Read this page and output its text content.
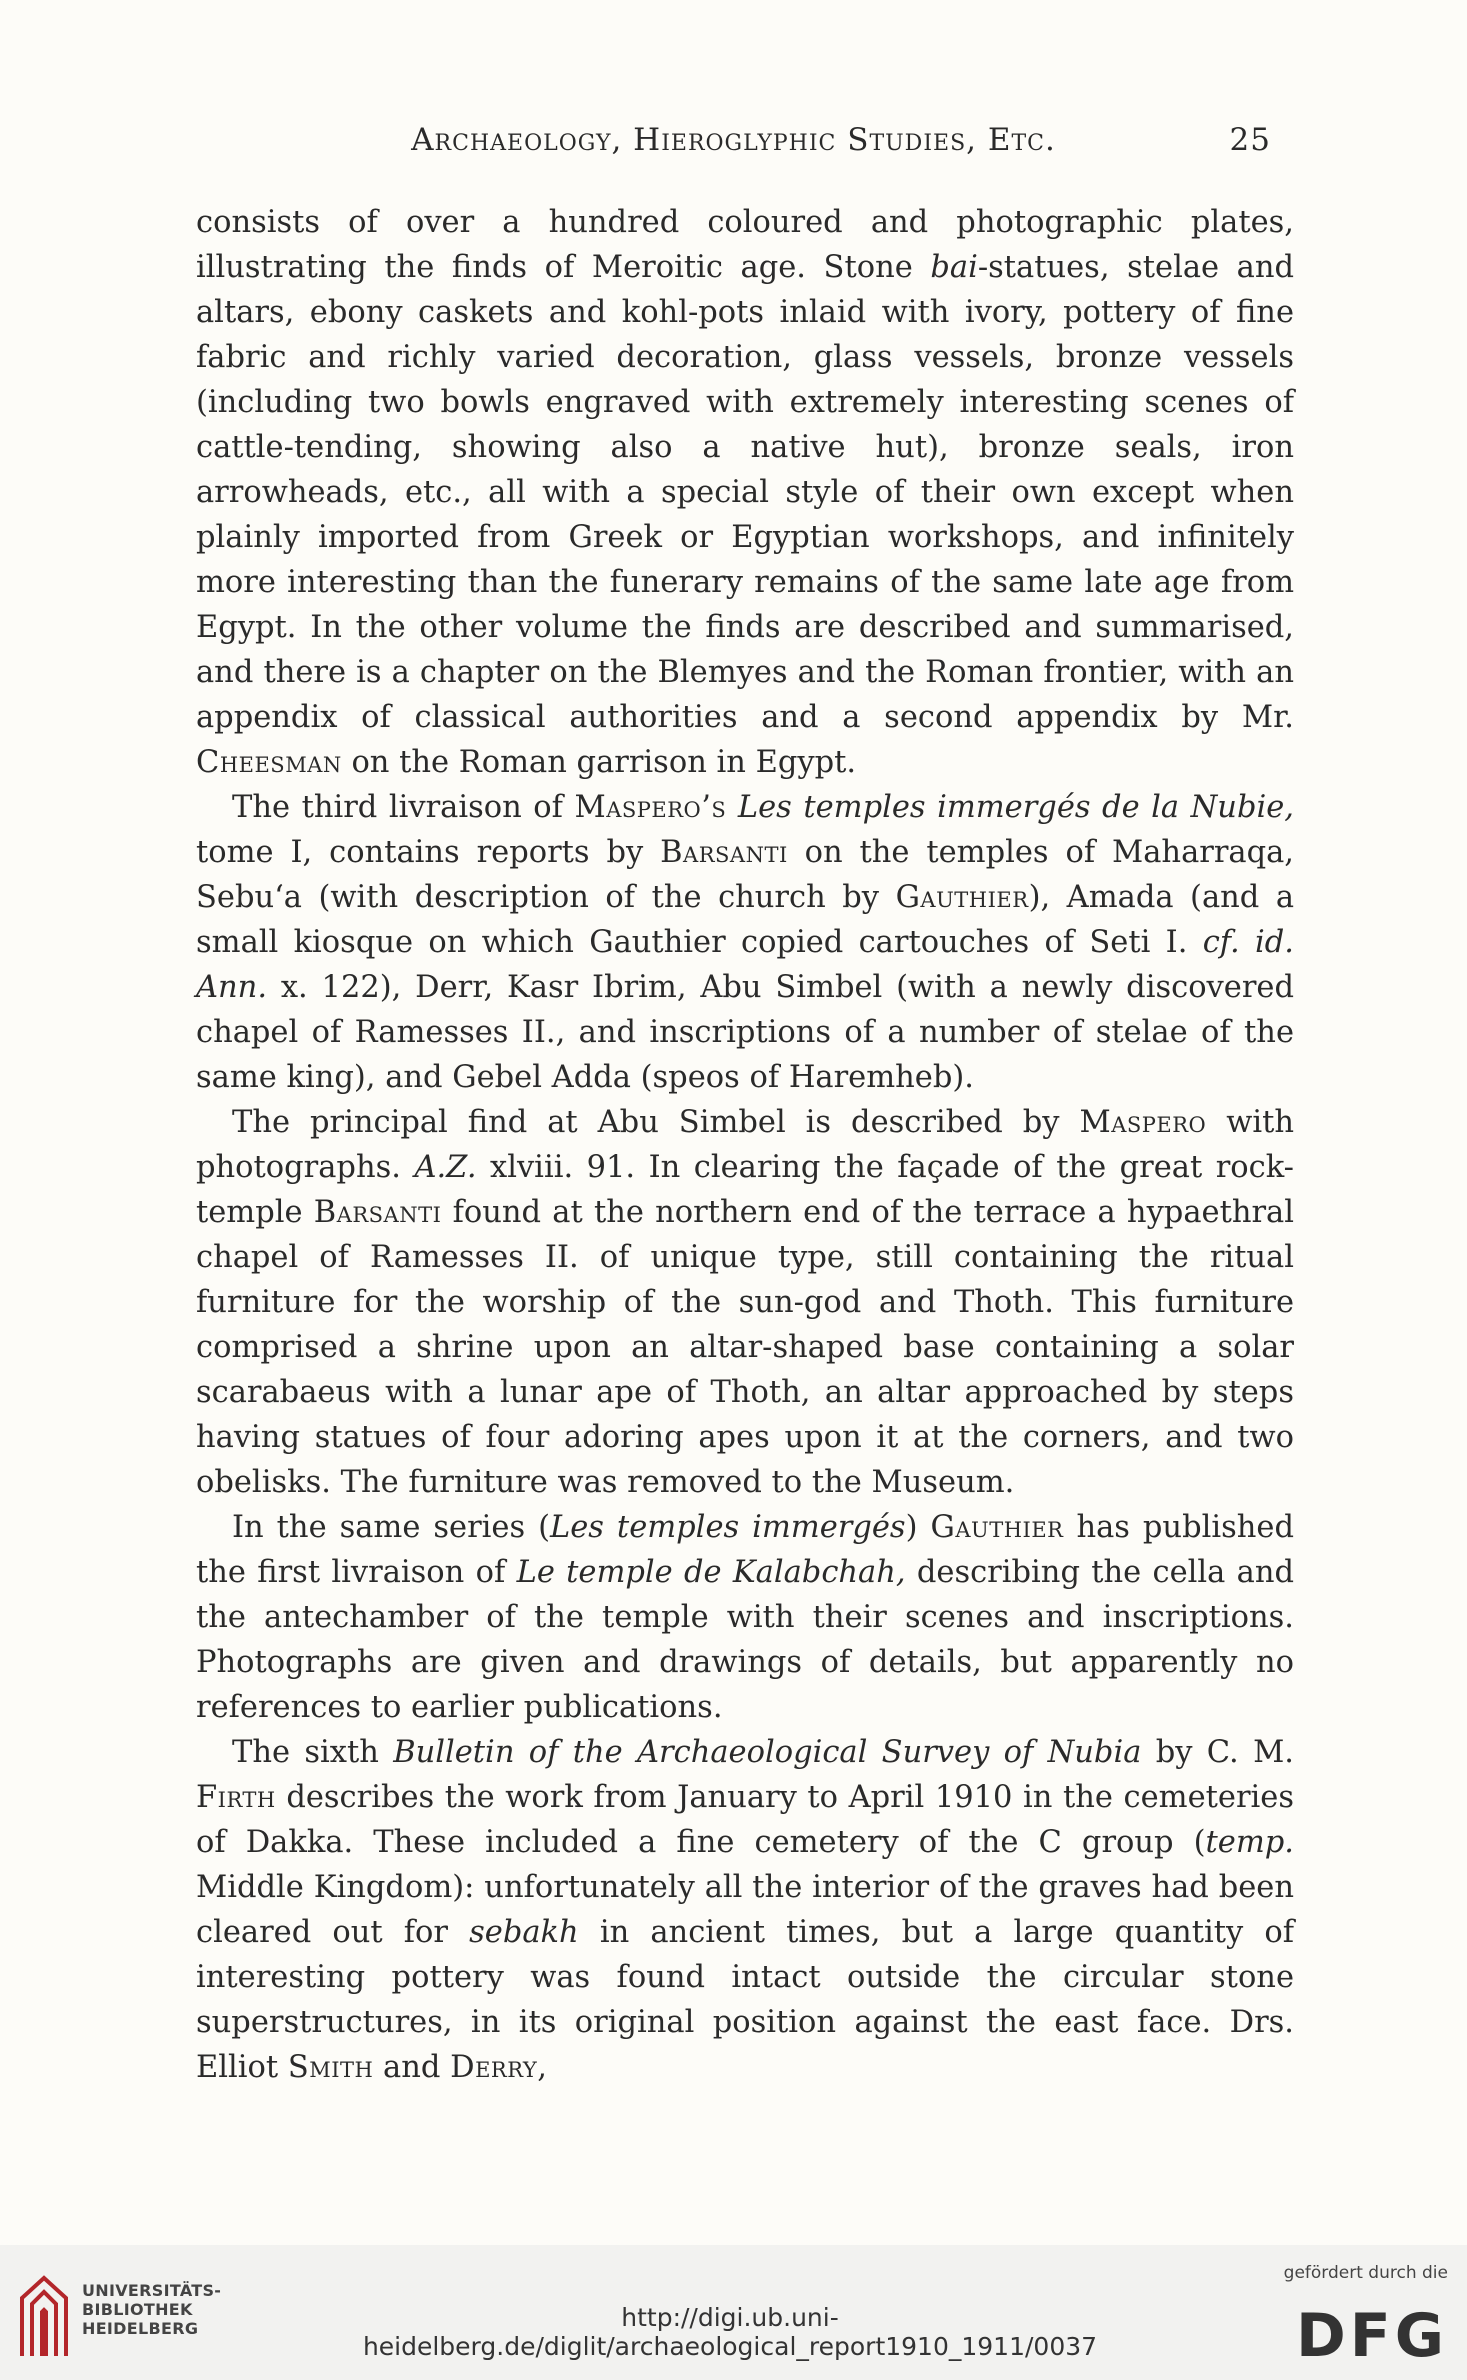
Archaeology, Hieroglyphic Studies, Etc.	25

consists of over a hundred coloured and photographic plates, illustrating the finds of Meroitic age. Stone bai-statues, stelae and altars, ebony caskets and kohl-pots inlaid with ivory, pottery of fine fabric and richly varied decoration, glass vessels, bronze vessels (including two bowls engraved with extremely interesting scenes of cattle-tending, showing also a native hut), bronze seals, iron arrowheads, etc., all with a special style of their own except when plainly imported from Greek or Egyptian workshops, and infinitely more interesting than the funerary remains of the same late age from Egypt. In the other volume the finds are described and summarised, and there is a chapter on the Blemyes and the Roman frontier, with an appendix of classical authorities and a second appendix by Mr. Cheesman on the Roman garrison in Egypt.

The third livraison of Maspero’s Les temples immergés de la Nubie, tome I, contains reports by Barsanti on the temples of Maharraqa, Sebu‘a (with description of the church by Gauthier), Amada (and a small kiosque on which Gauthier copied cartouches of Seti I. cf. id. Ann. x. 122), Derr, Kasr Ibrim, Abu Simbel (with a newly discovered chapel of Ramesses II., and inscriptions of a number of stelae of the same king), and Gebel Adda (speos of Haremheb).

The principal find at Abu Simbel is described by Maspero with photographs. A.Z. xlviii. 91. In clearing the façade of the great rock-temple Barsanti found at the northern end of the terrace a hypaethral chapel of Ramesses II. of unique type, still containing the ritual furniture for the worship of the sun-god and Thoth. This furniture comprised a shrine upon an altar-shaped base containing a solar scarabaeus with a lunar ape of Thoth, an altar approached by steps having statues of four adoring apes upon it at the corners, and two obelisks. The furniture was removed to the Museum.

In the same series (Les temples immergés) Gauthier has published the first livraison of Le temple de Kalabchah, describing the cella and the antechamber of the temple with their scenes and inscriptions. Photographs are given and drawings of details, but apparently no references to earlier publications.

The sixth Bulletin of the Archaeological Survey of Nubia by C. M. Firth describes the work from January to April 1910 in the cemeteries of Dakka. These included a fine cemetery of the C group (temp. Middle Kingdom): unfortunately all the interior of the graves had been cleared out for sebakh in ancient times, but a large quantity of interesting pottery was found intact outside the circular stone superstructures, in its original position against the east face. Drs. Elliot Smith and Derry,

UNIVERSITÄTS-
BIBLIOTHEK
HEIDELBERG	http://digi.ub.uni-heidelberg.de/diglit/archaeological_report1910_1911/0037
gefördert durch die
DFG
